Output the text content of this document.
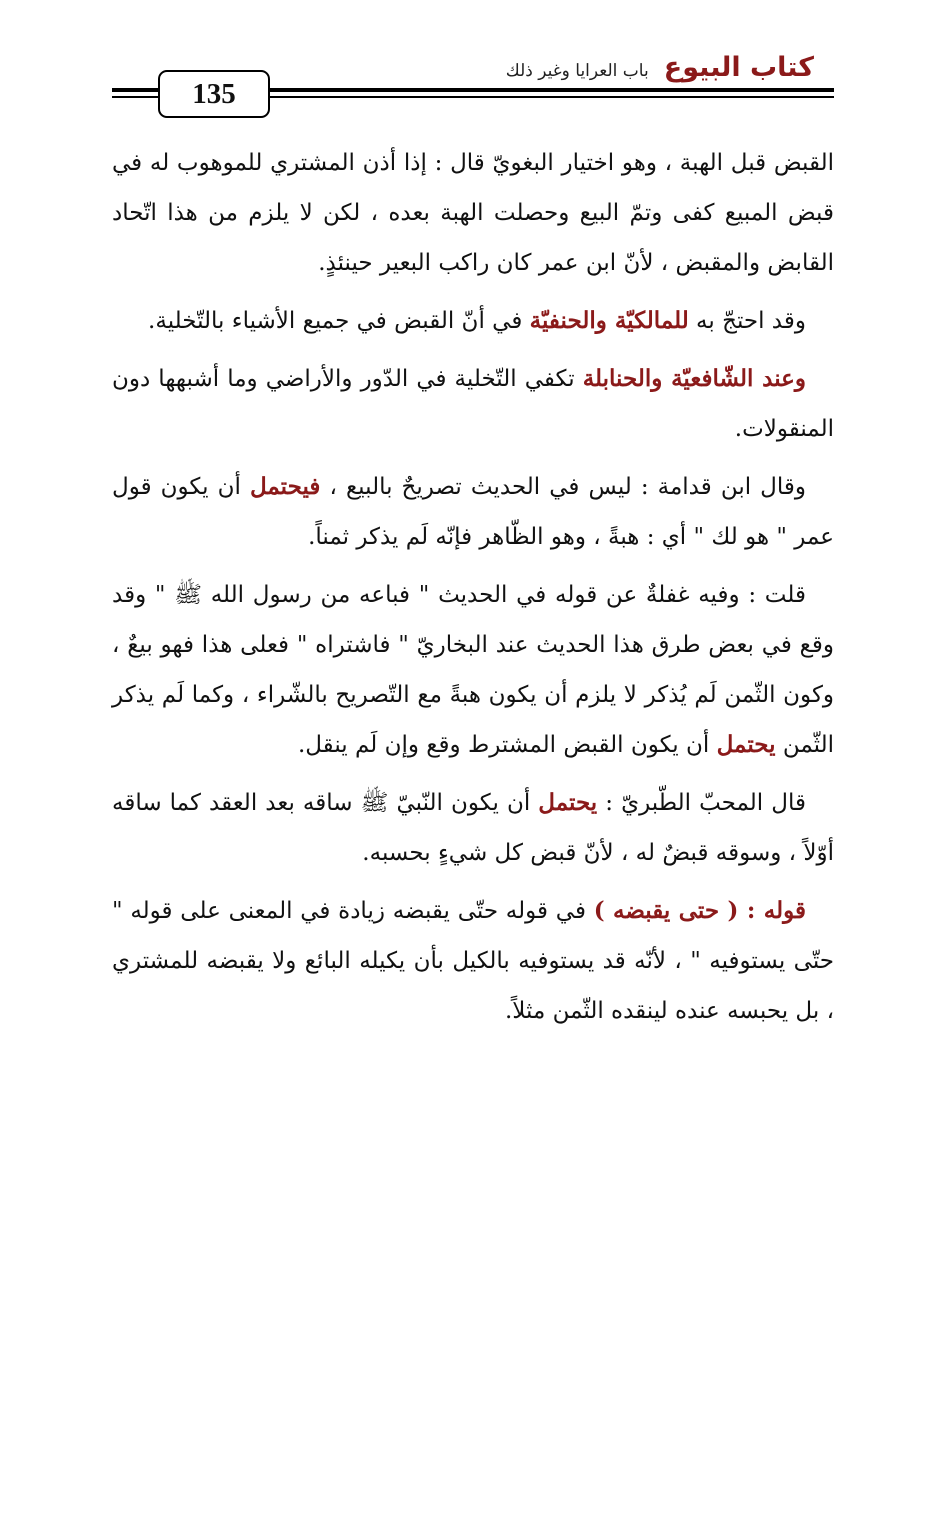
كتاب البيوع باب العرايا وغير ذلك
135

القبض قبل الهبة ، وهو اختيار البغويّ قال : إذا أذن المشتري للموهوب له في قبض المبيع كفى وتمّ البيع وحصلت الهبة بعده ، لكن لا يلزم من هذا اتّحاد القابض والمقبض ، لأنّ ابن عمر كان راكب البعير حينئذٍ.

وقد احتجّ به للمالكيّة والحنفيّة في أنّ القبض في جميع الأشياء بالتّخلية.

وعند الشّافعيّة والحنابلة تكفي التّخلية في الدّور والأراضي وما أشبهها دون المنقولات.

وقال ابن قدامة : ليس في الحديث تصريحٌ بالبيع ، فيحتمل أن يكون قول عمر " هو لك " أي : هبةً ، وهو الظّاهر فإنّه لَم يذكر ثمناً.

قلت : وفيه غفلةٌ عن قوله في الحديث " فباعه من رسول الله ﷺ " وقد وقع في بعض طرق هذا الحديث عند البخاريّ " فاشتراه " فعلى هذا فهو بيعٌ ، وكون الثّمن لَم يُذكر لا يلزم أن يكون هبةً مع التّصريح بالشّراء ، وكما لَم يذكر الثّمن يحتمل أن يكون القبض المشترط وقع وإن لَم ينقل.

قال المحبّ الطّبريّ : يحتمل أن يكون النّبيّ ﷺ ساقه بعد العقد كما ساقه أوّلاً ، وسوقه قبضٌ له ، لأنّ قبض كل شيءٍ بحسبه.

قوله : ( حتى يقبضه ) في قوله حتّى يقبضه زيادة في المعنى على قوله " حتّى يستوفيه " ، لأنّه قد يستوفيه بالكيل بأن يكيله البائع ولا يقبضه للمشتري ، بل يحبسه عنده لينقده الثّمن مثلاً.
